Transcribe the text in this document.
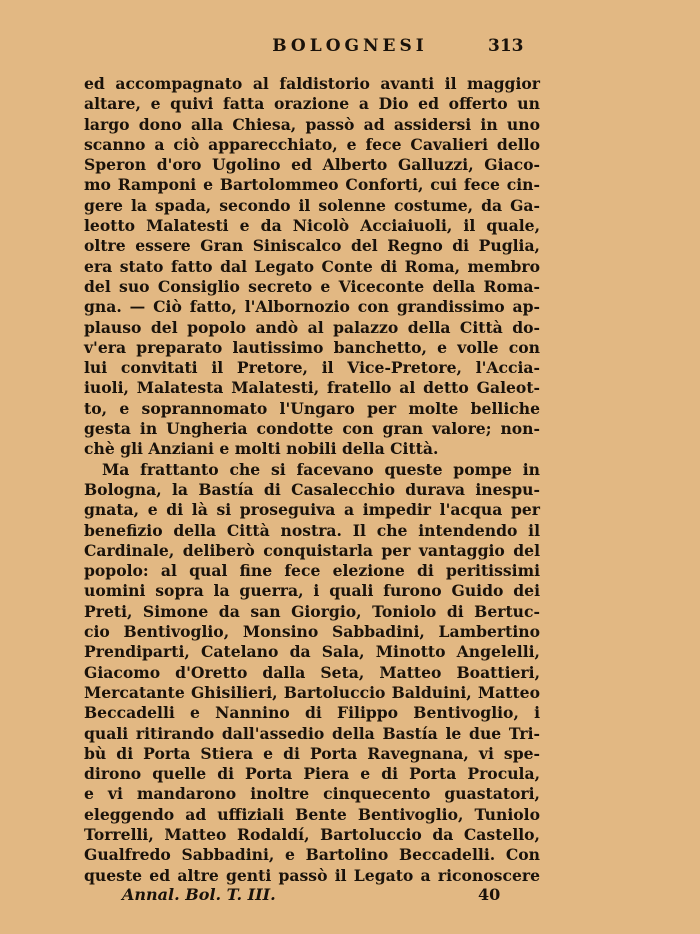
BOLOGNESI	313
ed accompagnato al faldistorio avanti il maggior
altare, e quivi fatta orazione a Dio ed offerto un
largo dono alla Chiesa, passò ad assidersi in uno
scanno a ciò apparecchiato, e fece Cavalieri dello
Speron d'oro Ugolino ed Alberto Galluzzi, Giaco-
mo Ramponi e Bartolommeo Conforti, cui fece cin-
gere la spada, secondo il solenne costume, da Ga-
leotto Malatesti e da Nicolò Acciaiuoli, il quale,
oltre essere Gran Siniscalco del Regno di Puglia,
era stato fatto dal Legato Conte di Roma, membro
del suo Consiglio secreto e Viceconte della Roma-
gna. — Ciò fatto, l'Albornozio con grandissimo ap-
plauso del popolo andò al palazzo della Città do-
v'era preparato lautissimo banchetto, e volle con
lui convitati il Pretore, il Vice-Pretore, l'Accia-
iuoli, Malatesta Malatesti, fratello al detto Galeot-
to, e soprannomato l'Ungaro per molte belliche
gesta in Ungheria condotte con gran valore; non-
chè gli Anziani e molti nobili della Città.
Ma frattanto che si facevano queste pompe in
Bologna, la Bastía di Casalecchio durava inespu-
gnata, e di là si proseguiva a impedir l'acqua per
benefizio della Città nostra. Il che intendendo il
Cardinale, deliberò conquistarla per vantaggio del
popolo: al qual fine fece elezione di peritissimi
uomini sopra la guerra, i quali furono Guido dei
Preti, Simone da san Giorgio, Toniolo di Bertuc-
cio Bentivoglio, Monsino Sabbadini, Lambertino
Prendiparti, Catelano da Sala, Minotto Angelelli,
Giacomo d'Oretto dalla Seta, Matteo Boattieri,
Mercatante Ghisilieri, Bartoluccio Balduini, Matteo
Beccadelli e Nannino di Filippo Bentivoglio, i
quali ritirando dall'assedio della Bastía le due Tri-
bù di Porta Stiera e di Porta Ravegnana, vi spe-
dirono quelle di Porta Piera e di Porta Procula,
e vi mandarono inoltre cinquecento guastatori,
eleggendo ad uffiziali Bente Bentivoglio, Tuniolo
Torrelli, Matteo Rodaldí, Bartoluccio da Castello,
Gualfredo Sabbadini, e Bartolino Beccadelli. Con
queste ed altre genti passò il Legato a riconoscere
Annal. Bol. T. III.	40
